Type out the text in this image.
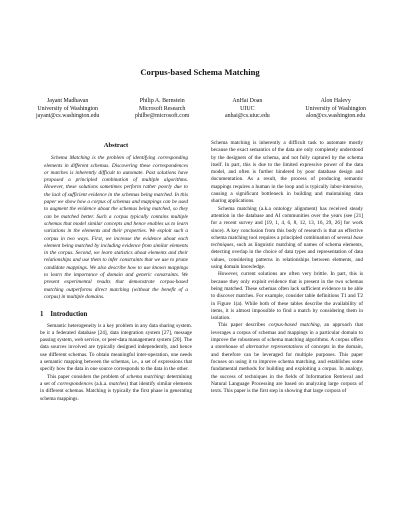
Corpus-based Schema Matching
Jayant Madhavan
University of Washington
jayant@cs.washington.edu
Philip A. Bernstein
Microsoft Research
philbe@microsoft.com
AnHai Doan
UIUC
anhai@cs.uiuc.edu
Alon Halevy
University of Washington
alon@cs.washington.edu
Abstract

Schema Matching is the problem of identifying corresponding elements in different schemas. Discovering these correspondences or matches is inherently difficult to automate. Past solutions have proposed a principled combination of multiple algorithms. However, these solutions sometimes perform rather poorly due to the lack of sufficient evidence in the schemas being matched. In this paper we show how a corpus of schemas and mappings can be used to augment the evidence about the schemas being matched, so they can be matched better. Such a corpus typically contains multiple schemas that model similar concepts and hence enables us to learn variations in the elements and their properties. We exploit such a corpus in two ways. First, we increase the evidence about each element being matched by including evidence from similar elements in the corpus. Second, we learn statistics about elements and their relationships and use them to infer constraints that we use to prune candidate mappings. We also describe how to use known mappings to learn the importance of domain and generic constraints. We present experimental results that demonstrate corpus-based matching outperforms direct matching (without the benefit of a corpus) in multiple domains.

1 Introduction

Semantic heterogeneity is a key problem in any data sharing system. be it a federated database [24], data integration system [27], message passing system, web service, or peer-data management system [20]. The data sources involved are typically designed independently, and hence use different schemas. To obtain meaningful inter-operation, one needs a semantic mapping between the schemas, i.e., a set of expressions that specify how the data in one source corresponds to the data in the other.

This paper considers the problem of schema matching: determining a set of correspondences (a.k.a. matches) that identify similar elements in different schemas. Matching is typically the first phase in generating schema mappings.

Schema matching is inherently a difficult task to automate mostly because the exact semantics of the data are only completely understood by the designers of the schema, and not fully captured by the schema itself. In part, this is due to the limited expressive power of the data model, and often is further hindered by poor database design and documentation. As a result, the process of producing semantic mappings requires a human in the loop and is typically labor-intensive, causing a significant bottleneck in building and maintaining data sharing applications.

Schema matching (a.k.a ontology alignment) has received steady attention in the database and AI communities over the years (see [21] for a recent survey and [19, 1, 4, 6, 8, 12, 13, 16, 29, 26] for work since). A key conclusion from this body of research is that an effective schema matching tool requires a principled combination of several base techniques, such as linguistic matching of names of schema elements, detecting overlap in the choice of data types and representation of data values, considering patterns in relationships between elements, and using domain knowledge.

However, current solutions are often very brittle. In part, this is because they only exploit evidence that is present in the two schemas being matched. These schemas often lack sufficient evidence to be able to discover matches. For example, consider table definitions T1 and T2 in Figure 1(a). While both of these tables describe the availability of items, it is almost impossible to find a match by considering them in isolation.

This paper describes corpus-based matching, an approach that leverages a corpus of schemas and mappings in a particular domain to improve the robustness of schema matching algorithms. A corpus offers a storehouse of alternative representations of concepts in the domain, and therefore can be leveraged for multiple purposes. This paper focuses on using it to improve schema matching, and establishes some fundamental methods for building and exploiting a corpus. In analogy, the success of techniques in the fields of Information Retrieval and Natural Language Processing are based on analyzing large corpora of texts. This paper is the first step in showing that large corpora of
